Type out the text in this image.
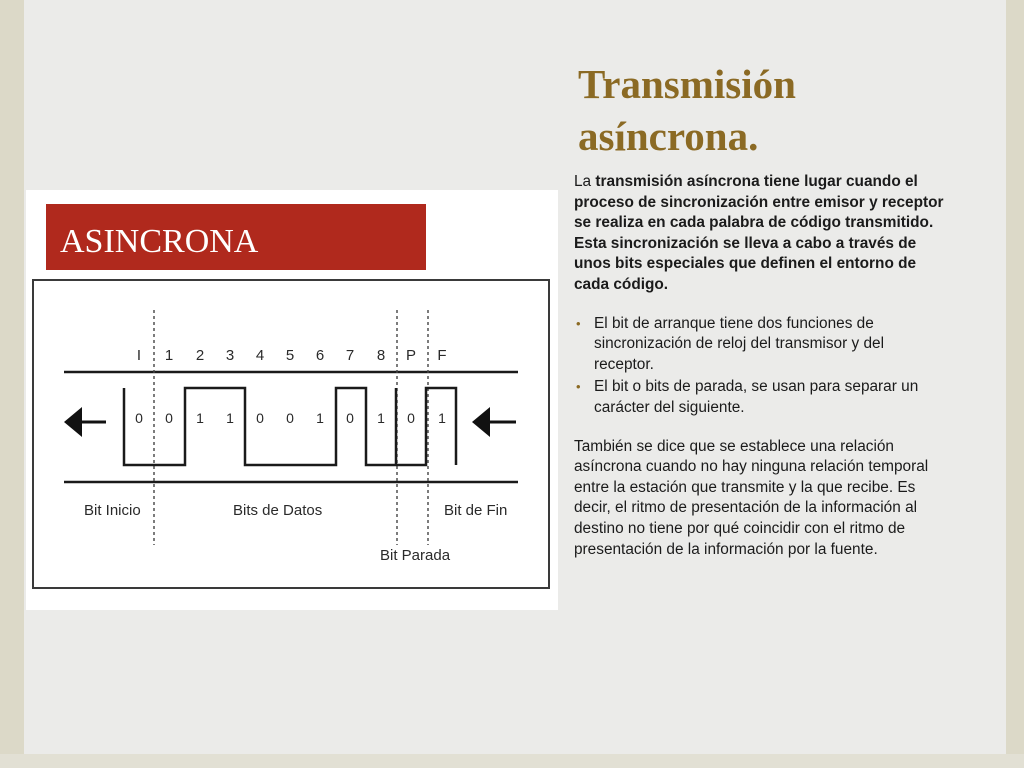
Transmisión
asíncrona.

La transmisión asíncrona tiene lugar cuando el proceso de sincronización entre emisor y receptor se realiza en cada palabra de código transmitido. Esta sincronización se lleva a cabo a través de unos bits especiales que definen el entorno de cada código.

• El bit de arranque tiene dos funciones de sincronización de reloj del transmisor y del receptor.
• El bit o bits de parada, se usan para separar un carácter del siguiente.

También se dice que se establece una relación asíncrona cuando no hay ninguna relación temporal entre la estación que transmite y la que recibe. Es decir, el ritmo de presentación de la información al destino no tiene por qué coincidir con el ritmo de presentación de la información por la fuente.

ASINCRONA
I 1 2 3 4 5 6 7 8 P F
0 0 1 1 0 0 1 0 1 0 1
Bit Inicio	Bits de Datos	Bit de Fin
Bit Parada
